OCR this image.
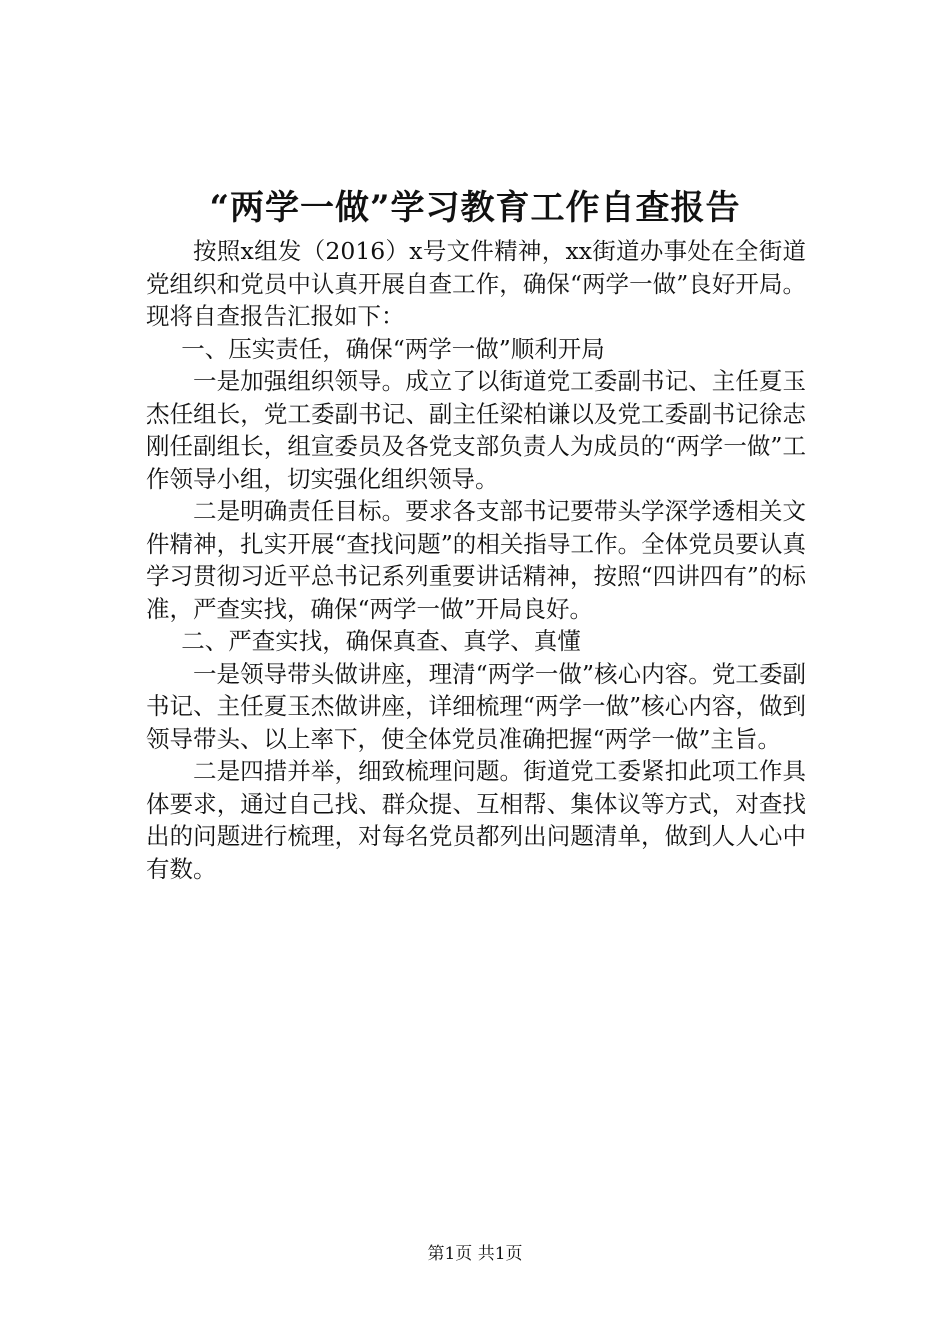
“两学一做”学习教育工作自查报告

按照x组发（2016）x号文件精神，xx街道办事处在全街道党组织和党员中认真开展自查工作，确保“两学一做”良好开局。现将自查报告汇报如下：

一、压实责任，确保“两学一做”顺利开局

一是加强组织领导。成立了以街道党工委副书记、主任夏玉杰任组长，党工委副书记、副主任梁柏谦以及党工委副书记徐志刚任副组长，组宣委员及各党支部负责人为成员的“两学一做”工作领导小组，切实强化组织领导。

二是明确责任目标。要求各支部书记要带头学深学透相关文件精神，扎实开展“查找问题”的相关指导工作。全体党员要认真学习贯彻习近平总书记系列重要讲话精神，按照“四讲四有”的标准，严查实找，确保“两学一做”开局良好。

二、严查实找，确保真查、真学、真懂

一是领导带头做讲座，理清“两学一做”核心内容。党工委副书记、主任夏玉杰做讲座，详细梳理“两学一做”核心内容，做到领导带头、以上率下，使全体党员准确把握“两学一做”主旨。

二是四措并举，细致梳理问题。街道党工委紧扣此项工作具体要求，通过自己找、群众提、互相帮、集体议等方式，对查找出的问题进行梳理，对每名党员都列出问题清单，做到人人心中有数。

第1页 共1页
